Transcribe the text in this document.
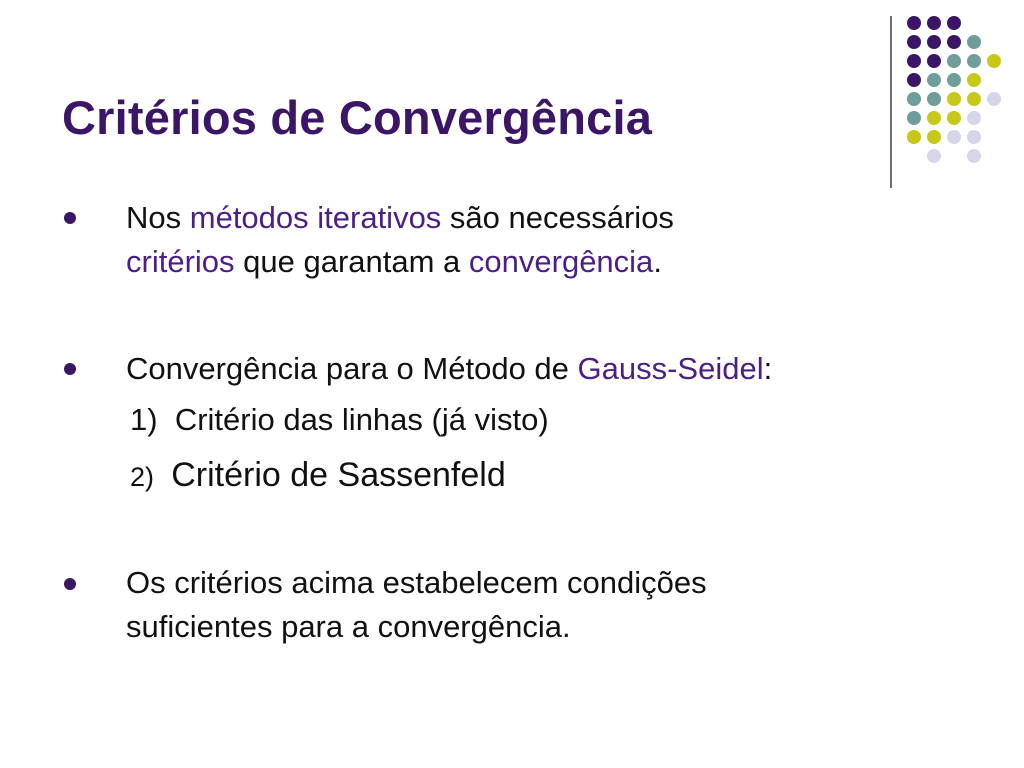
Critérios de Convergência

Nos métodos iterativos são necessários
critérios que garantam a convergência.

Convergência para o Método de Gauss-Seidel:

1) Critério das linhas (já visto)

2) Critério de Sassenfeld

Os critérios acima estabelecem condições
suficientes para a convergência.
